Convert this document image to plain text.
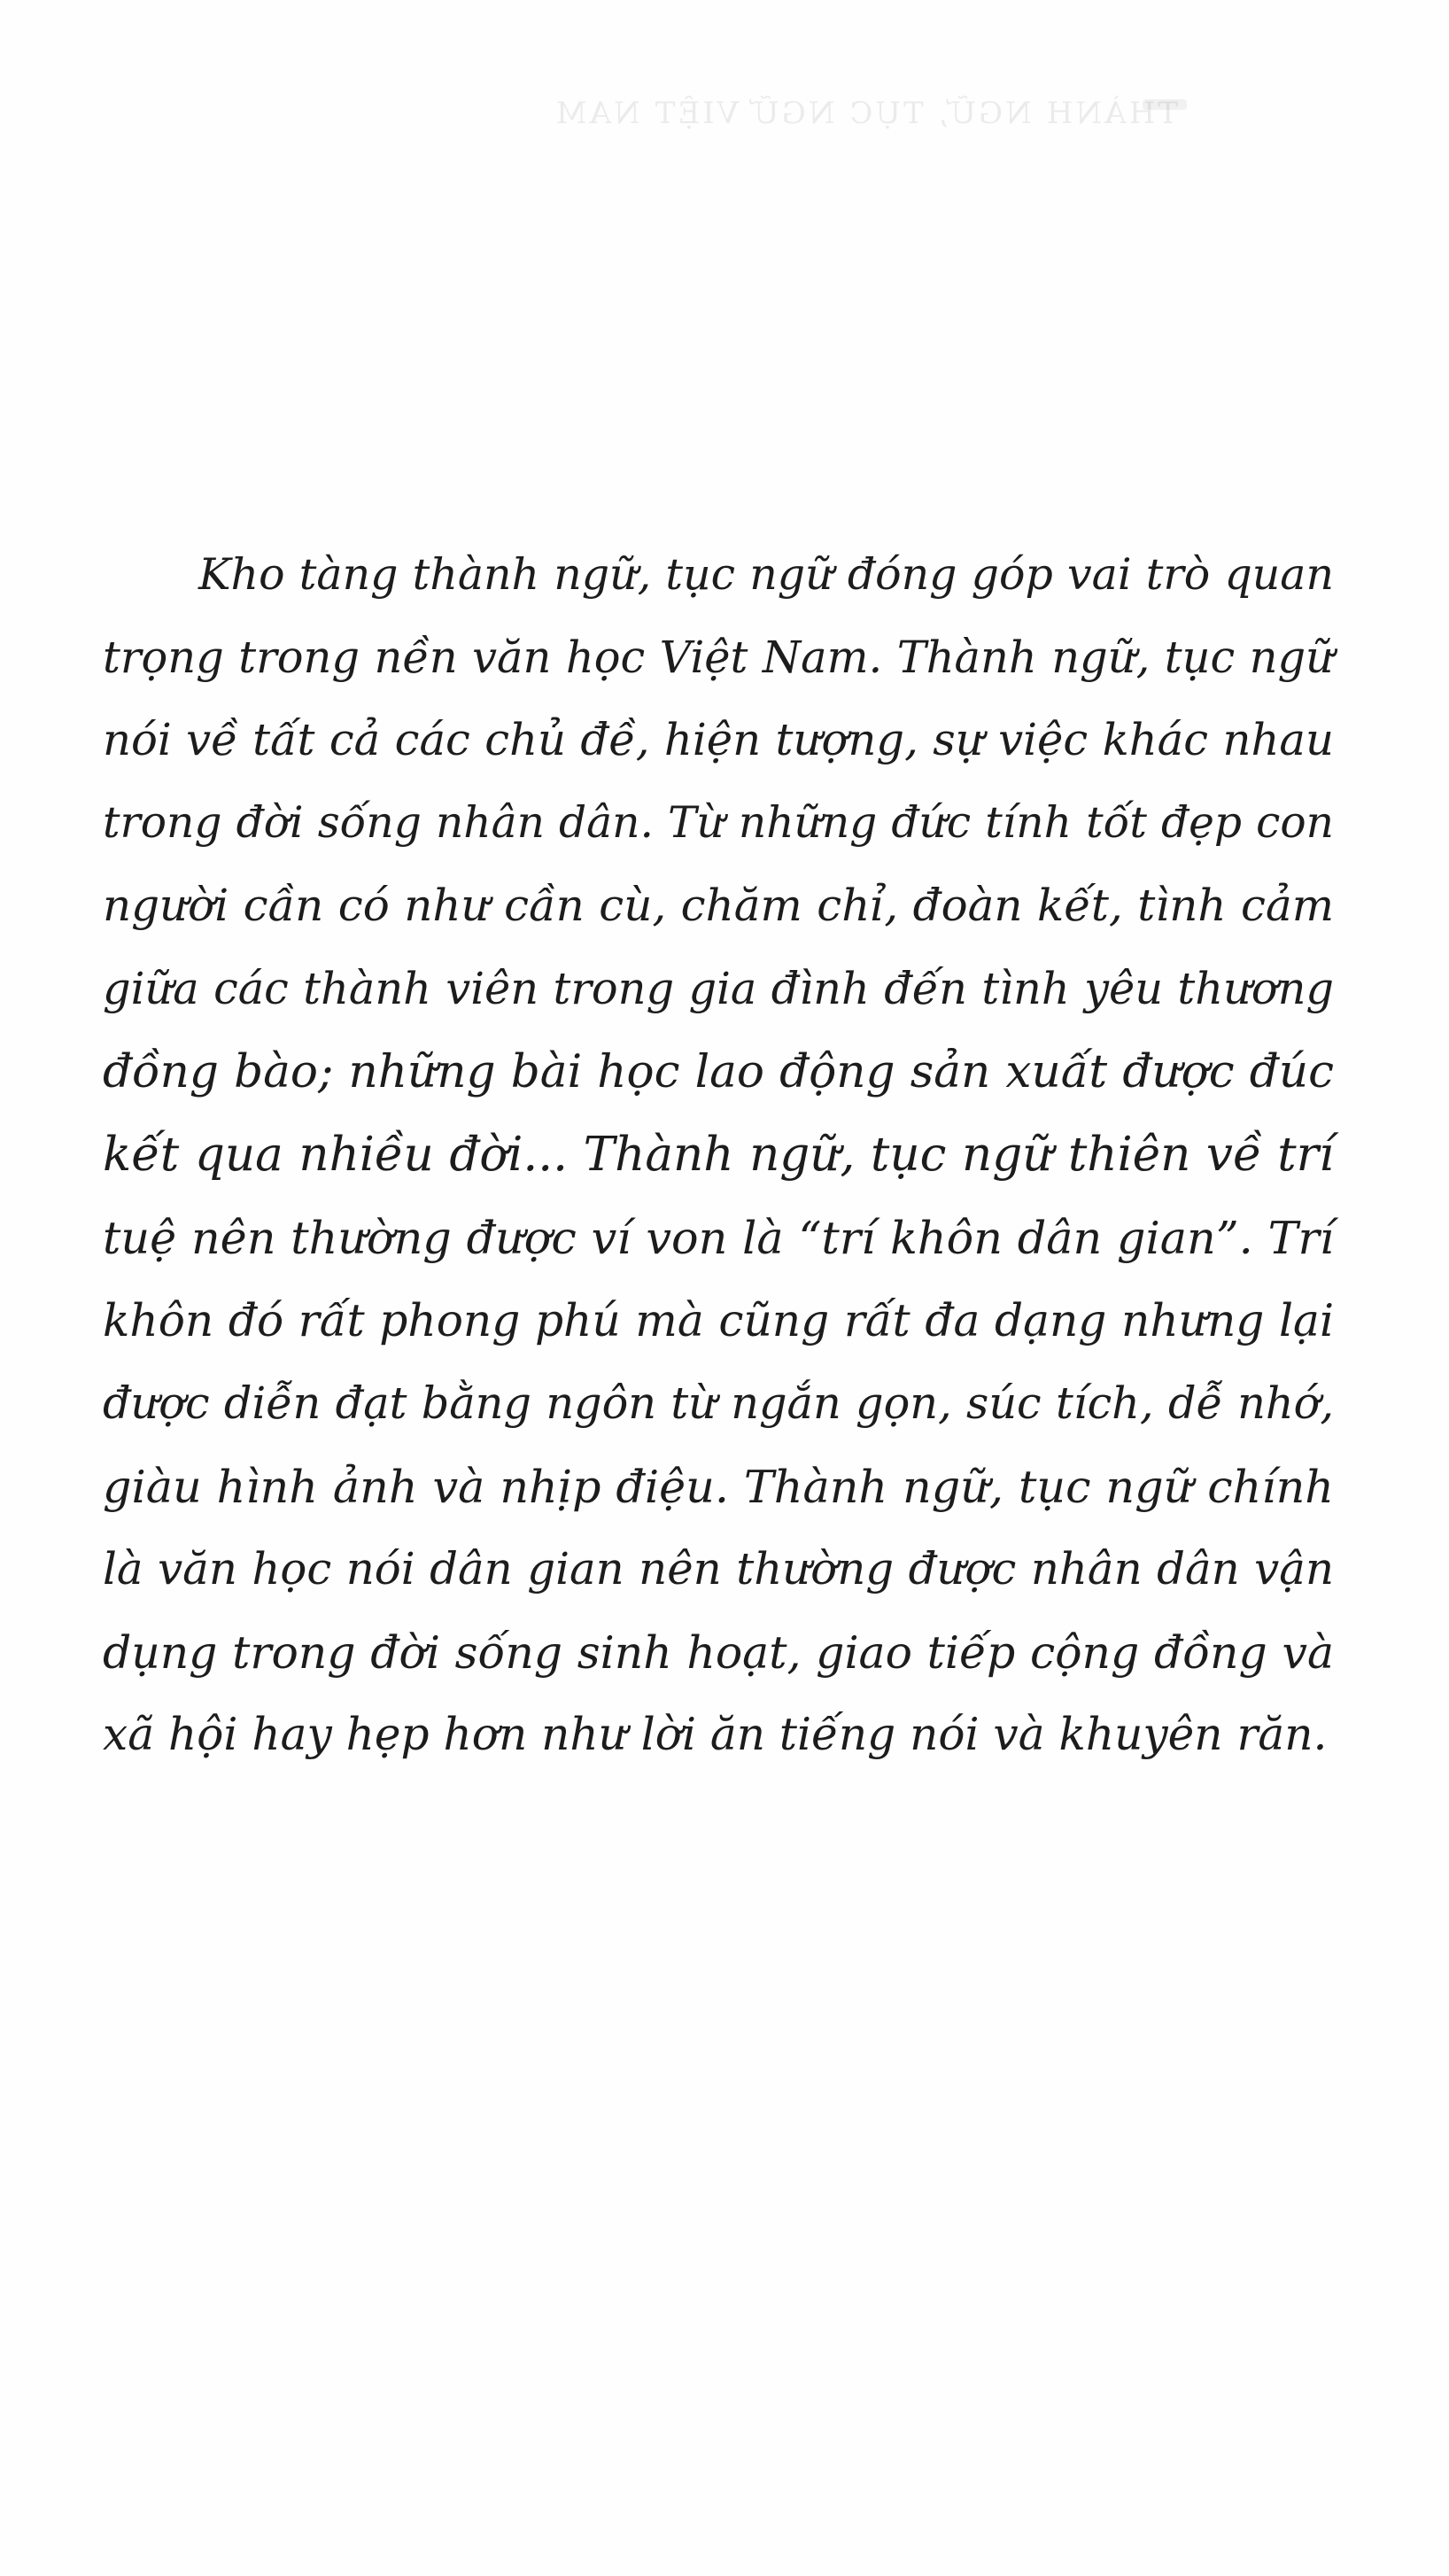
THÀNH NGỮ, TỤC NGỮ VIỆT NAM
Kho tàng thành ngữ, tục ngữ đóng góp vai trò quan
trọng trong nền văn học Việt Nam. Thành ngữ, tục ngữ
nói về tất cả các chủ đề, hiện tượng, sự việc khác nhau
trong đời sống nhân dân. Từ những đức tính tốt đẹp con
người cần có như cần cù, chăm chỉ, đoàn kết, tình cảm
giữa các thành viên trong gia đình đến tình yêu thương
đồng bào; những bài học lao động sản xuất được đúc
kết qua nhiều đời... Thành ngữ, tục ngữ thiên về trí
tuệ nên thường được ví von là “trí khôn dân gian”. Trí
khôn đó rất phong phú mà cũng rất đa dạng nhưng lại
được diễn đạt bằng ngôn từ ngắn gọn, súc tích, dễ nhớ,
giàu hình ảnh và nhịp điệu. Thành ngữ, tục ngữ chính
là văn học nói dân gian nên thường được nhân dân vận
dụng trong đời sống sinh hoạt, giao tiếp cộng đồng và
xã hội hay hẹp hơn như lời ăn tiếng nói và khuyên răn.
